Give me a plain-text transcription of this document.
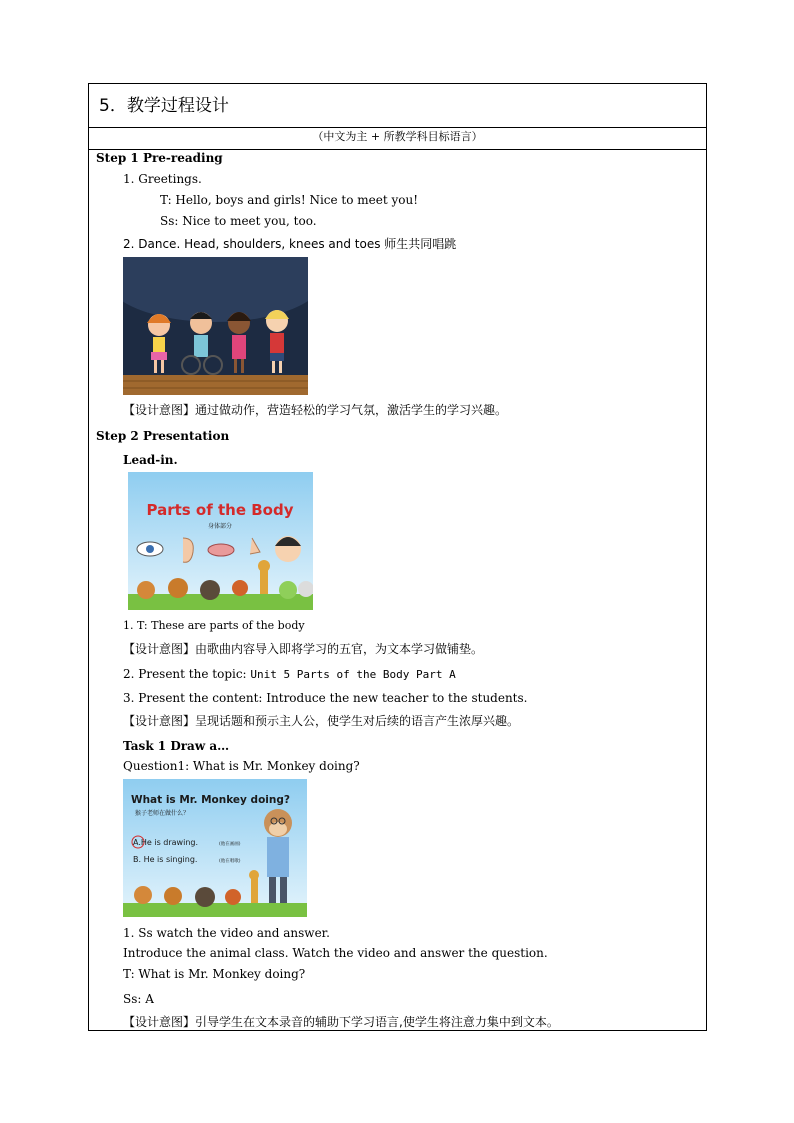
5．教学过程设计
（中文为主 + 所教学科目标语言）
Step 1 Pre-reading
1. Greetings.
T: Hello, boys and girls! Nice to meet you!
Ss: Nice to meet you, too.
2. Dance. Head, shoulders, knees and toes 师生共同唱跳
【设计意图】通过做动作，营造轻松的学习气氛，激活学生的学习兴趣。
Step 2 Presentation
Lead-in.
Parts of the Body
身体部分
1. T: These are parts of the body
【设计意图】由歌曲内容导入即将学习的五官，为文本学习做铺垫。
2. Present the topic: Unit 5 Parts of the Body Part A
3. Present the content: Introduce the new teacher to the students.
【设计意图】呈现话题和预示主人公，使学生对后续的语言产生浓厚兴趣。
Task 1 Draw a…
Question1: What is Mr. Monkey doing?
What is Mr. Monkey doing?
猴子老师在做什么？
A.He is drawing.	(他在画画)
B. He is singing.	(他在唱歌)
1. Ss watch the video and answer.
Introduce the animal class. Watch the video and answer the question.
T: What is Mr. Monkey doing?
Ss: A
【设计意图】引导学生在文本录音的辅助下学习语言,使学生将注意力集中到文本。
